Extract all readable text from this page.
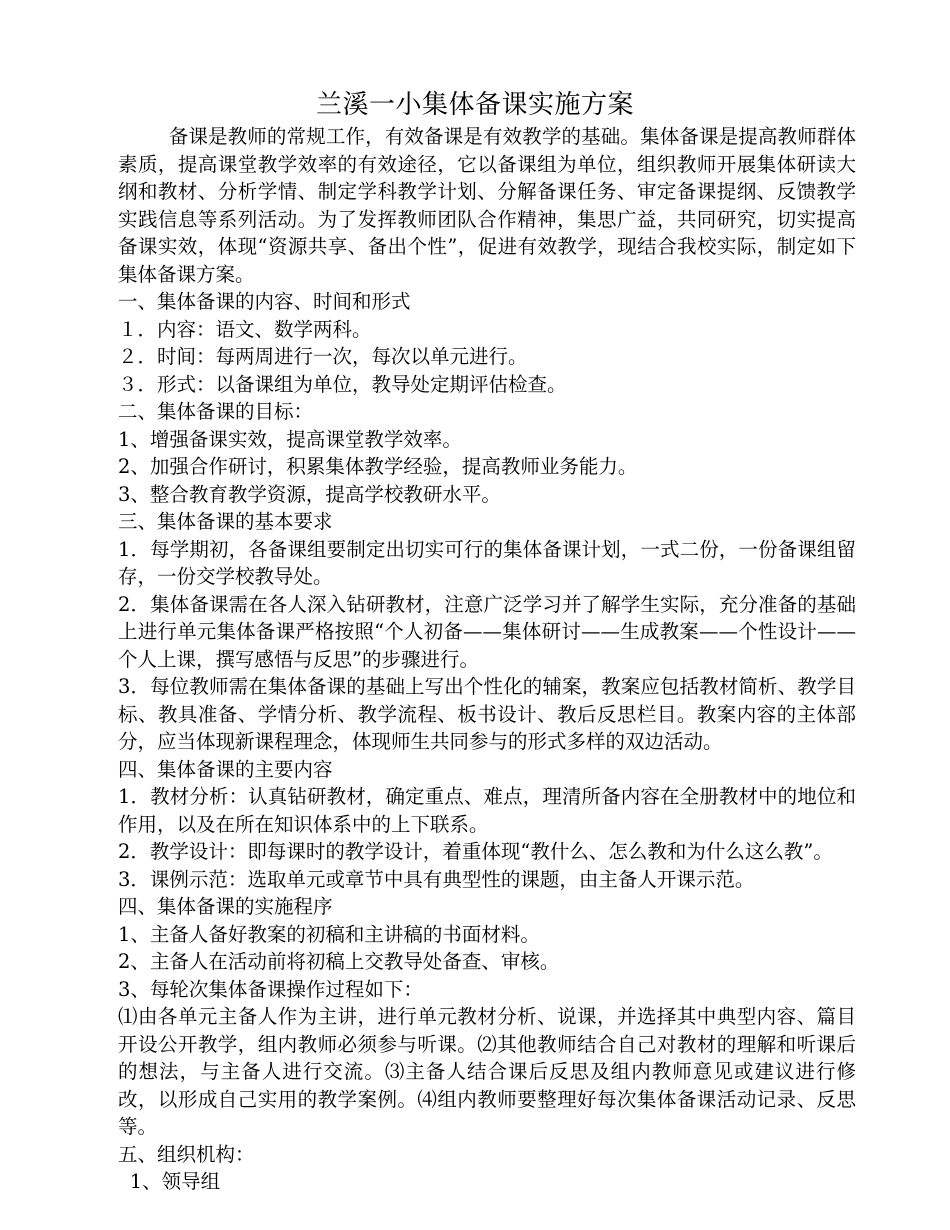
兰溪一小集体备课实施方案

备课是教师的常规工作，有效备课是有效教学的基础。集体备课是提高教师群体素质，提高课堂教学效率的有效途径，它以备课组为单位，组织教师开展集体研读大纲和教材、分析学情、制定学科教学计划、分解备课任务、审定备课提纲、反馈教学实践信息等系列活动。为了发挥教师团队合作精神，集思广益，共同研究，切实提高备课实效，体现“资源共享、备出个性”，促进有效教学，现结合我校实际，制定如下集体备课方案。

一、集体备课的内容、时间和形式

１．内容：语文、数学两科。

２．时间：每两周进行一次，每次以单元进行。

３．形式：以备课组为单位，教导处定期评估检查。

二、集体备课的目标：

1、增强备课实效，提高课堂教学效率。

2、加强合作研讨，积累集体教学经验，提高教师业务能力。

3、整合教育教学资源，提高学校教研水平。

三、集体备课的基本要求

1．每学期初，各备课组要制定出切实可行的集体备课计划，一式二份，一份备课组留存，一份交学校教导处。

2．集体备课需在各人深入钻研教材，注意广泛学习并了解学生实际，充分准备的基础上进行单元集体备课严格按照“个人初备——集体研讨——生成教案——个性设计——个人上课，撰写感悟与反思”的步骤进行。

3．每位教师需在集体备课的基础上写出个性化的辅案，教案应包括教材简析、教学目标、教具准备、学情分析、教学流程、板书设计、教后反思栏目。教案内容的主体部分，应当体现新课程理念，体现师生共同参与的形式多样的双边活动。

四、集体备课的主要内容

1．教材分析：认真钻研教材，确定重点、难点，理清所备内容在全册教材中的地位和作用，以及在所在知识体系中的上下联系。

2．教学设计：即每课时的教学设计，着重体现“教什么、怎么教和为什么这么教”。

3．课例示范：选取单元或章节中具有典型性的课题，由主备人开课示范。

四、集体备课的实施程序

1、主备人备好教案的初稿和主讲稿的书面材料。

2、主备人在活动前将初稿上交教导处备查、审核。

3、每轮次集体备课操作过程如下：

⑴由各单元主备人作为主讲，进行单元教材分析、说课，并选择其中典型内容、篇目开设公开教学，组内教师必须参与听课。⑵其他教师结合自己对教材的理解和听课后的想法，与主备人进行交流。⑶主备人结合课后反思及组内教师意见或建议进行修改，以形成自己实用的教学案例。⑷组内教师要整理好每次集体备课活动记录、反思等。

五、组织机构：

1、领导组
